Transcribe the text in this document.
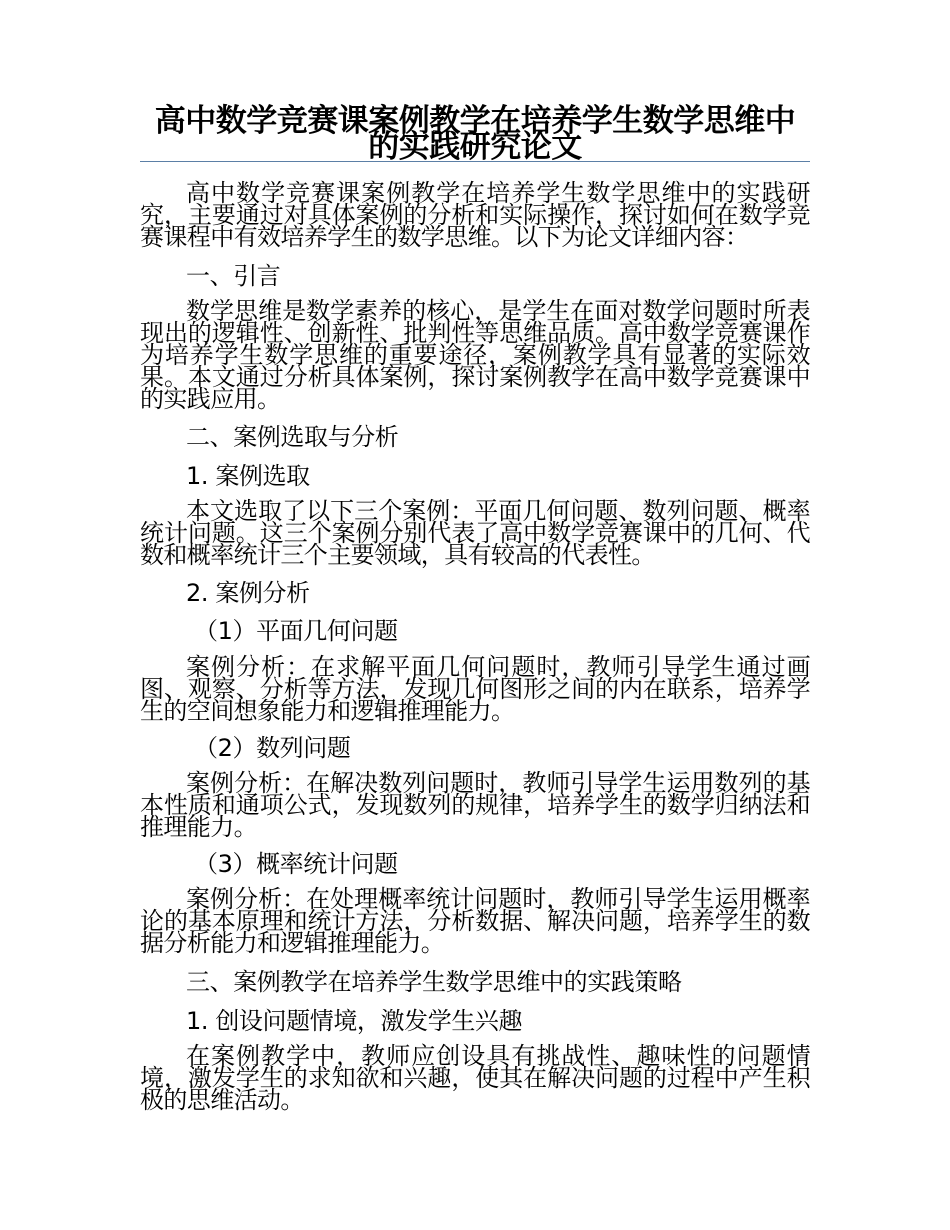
高中数学竞赛课案例教学在培养学生数学思维中的实践研究论文

高中数学竞赛课案例教学在培养学生数学思维中的实践研究，主要通过对具体案例的分析和实际操作，探讨如何在数学竞赛课程中有效培养学生的数学思维。以下为论文详细内容：

一、引言

数学思维是数学素养的核心，是学生在面对数学问题时所表现出的逻辑性、创新性、批判性等思维品质。高中数学竞赛课作为培养学生数学思维的重要途径，案例教学具有显著的实际效果。本文通过分析具体案例，探讨案例教学在高中数学竞赛课中的实践应用。

二、案例选取与分析

1. 案例选取

本文选取了以下三个案例：平面几何问题、数列问题、概率统计问题。这三个案例分别代表了高中数学竞赛课中的几何、代数和概率统计三个主要领域，具有较高的代表性。

2. 案例分析

（1）平面几何问题

案例分析：在求解平面几何问题时，教师引导学生通过画图、观察、分析等方法，发现几何图形之间的内在联系，培养学生的空间想象能力和逻辑推理能力。

（2）数列问题

案例分析：在解决数列问题时，教师引导学生运用数列的基本性质和通项公式，发现数列的规律，培养学生的数学归纳法和推理能力。

（3）概率统计问题

案例分析：在处理概率统计问题时，教师引导学生运用概率论的基本原理和统计方法，分析数据、解决问题，培养学生的数据分析能力和逻辑推理能力。

三、案例教学在培养学生数学思维中的实践策略

1. 创设问题情境，激发学生兴趣

在案例教学中，教师应创设具有挑战性、趣味性的问题情境，激发学生的求知欲和兴趣，使其在解决问题的过程中产生积极的思维活动。
